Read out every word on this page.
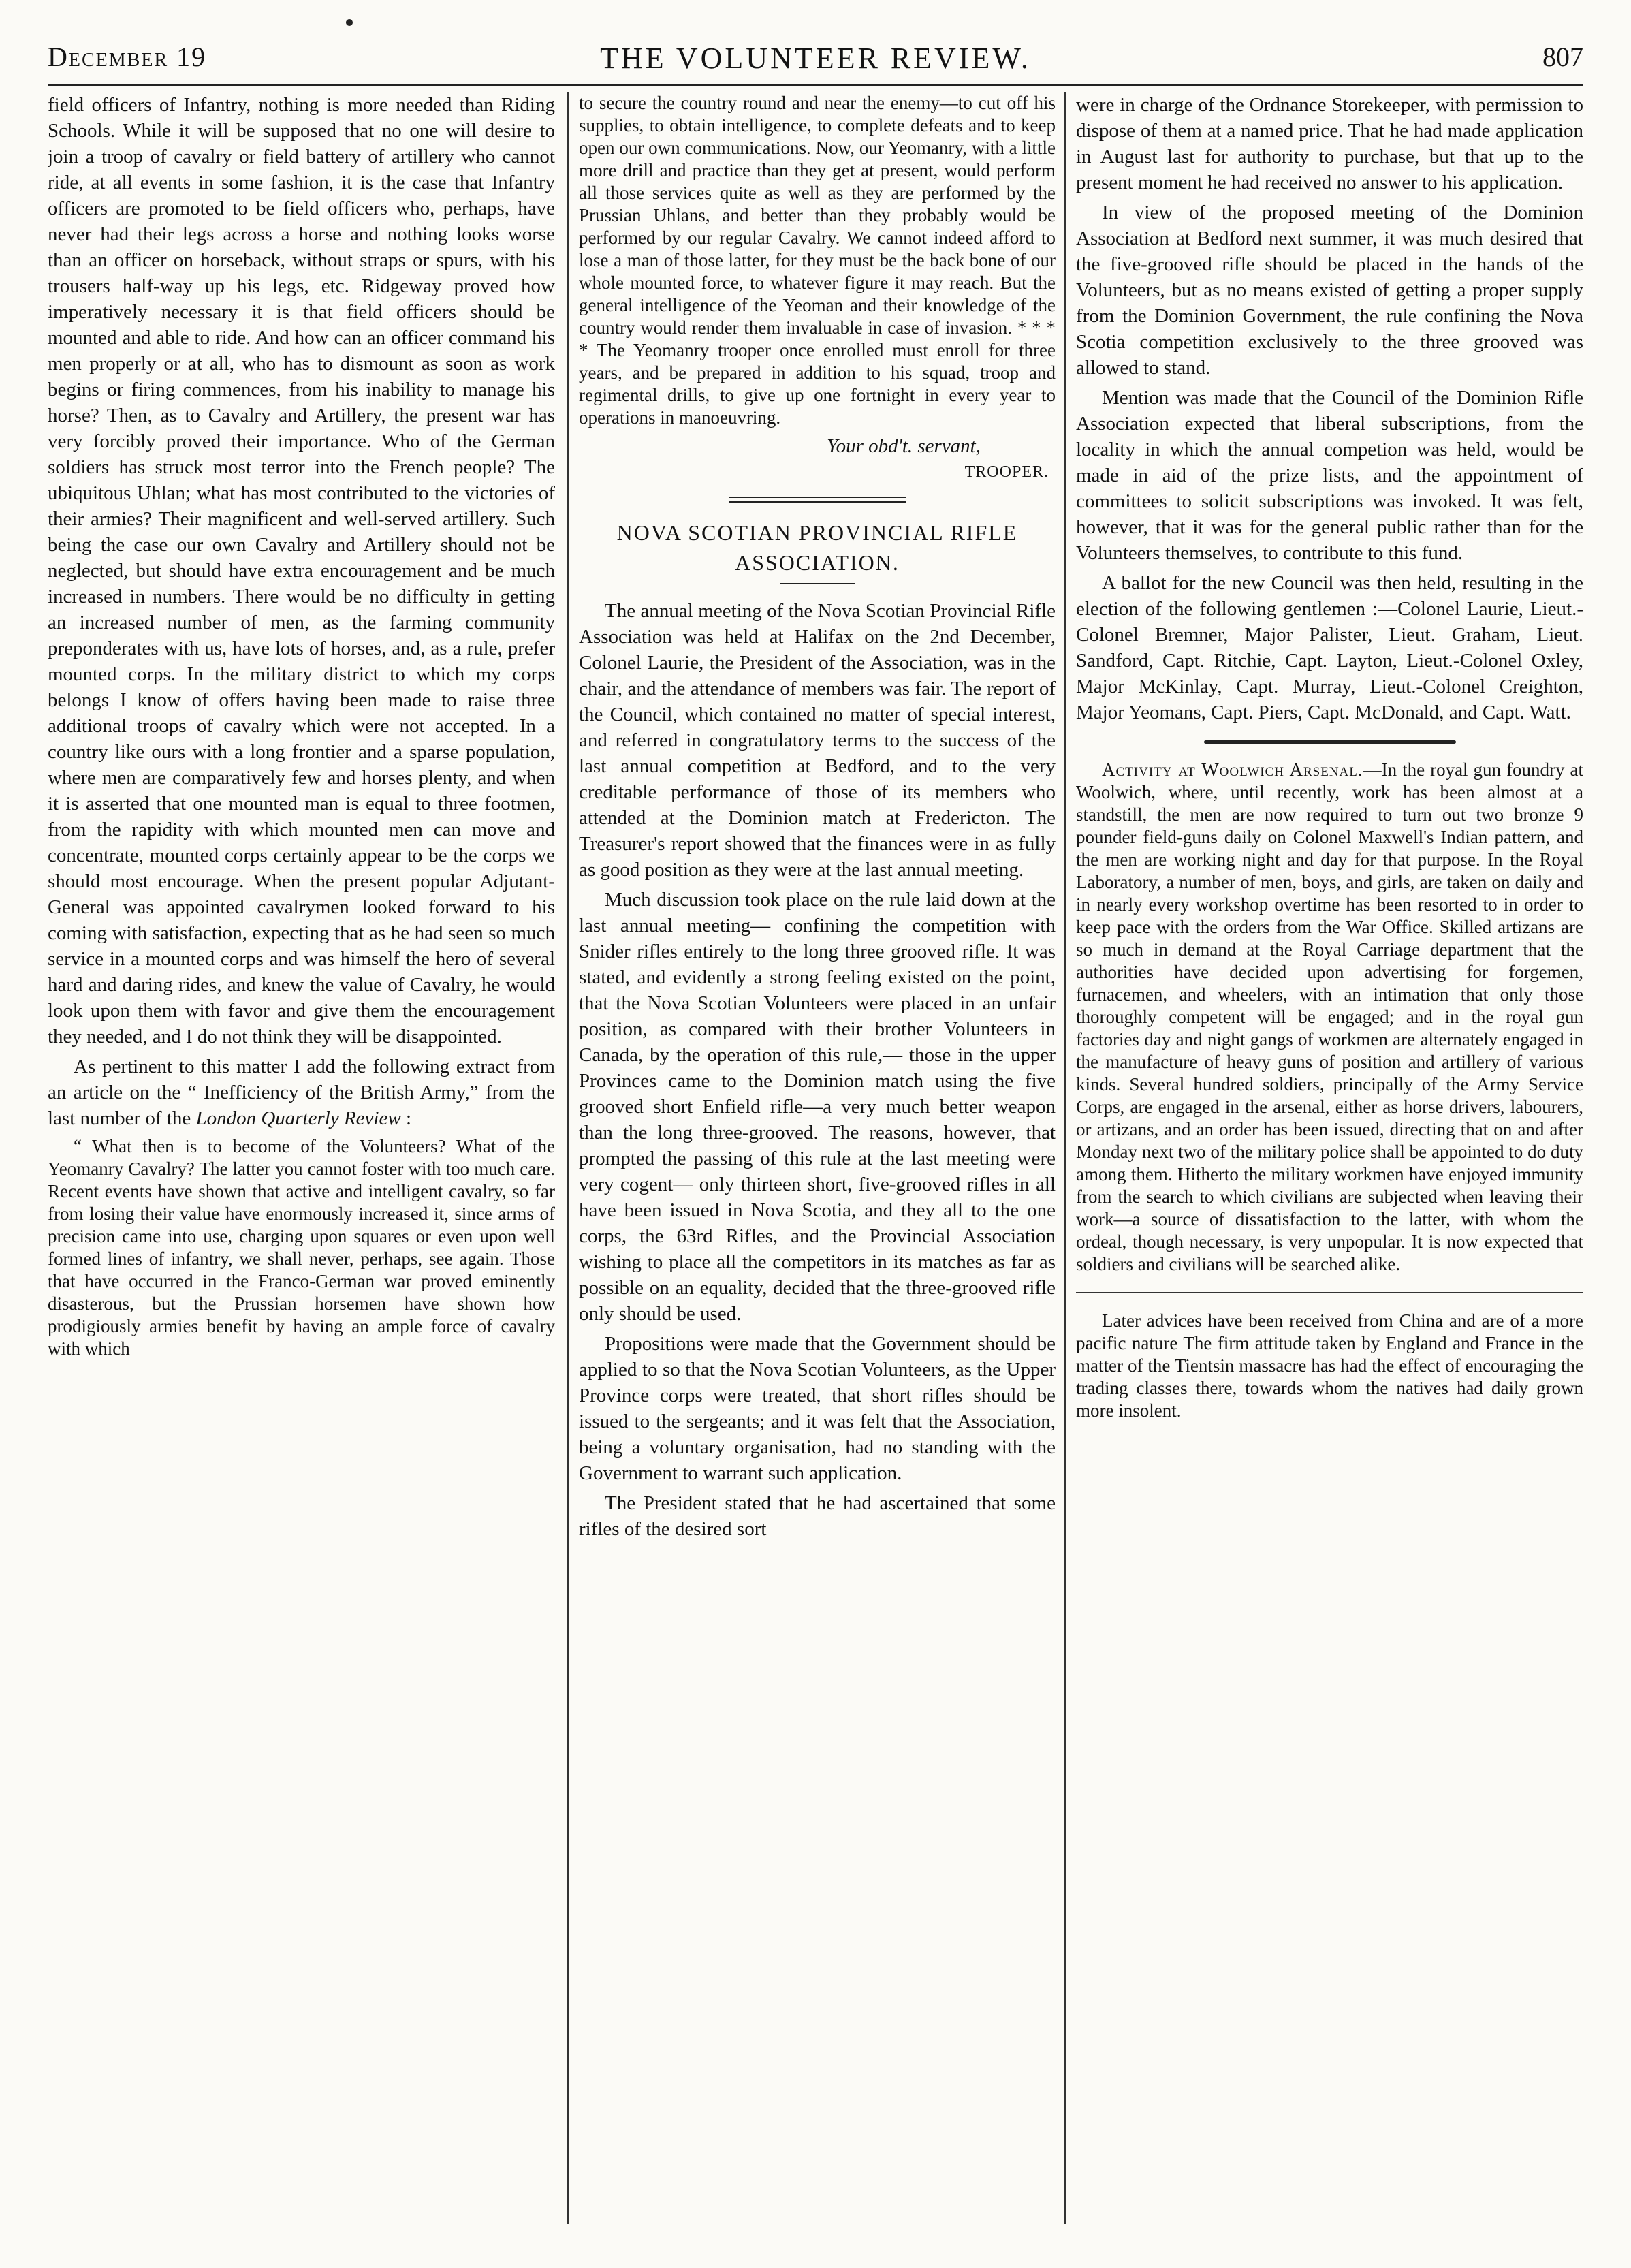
December 19	THE VOLUNTEER REVIEW.	807

field officers of Infantry, nothing is more needed than Riding Schools. While it will be supposed that no one will desire to join a troop of cavalry or field battery of artillery who cannot ride, at all events in some fashion, it is the case that Infantry officers are promoted to be field officers who, perhaps, have never had their legs across a horse and nothing looks worse than an officer on horseback, without straps or spurs, with his trousers half-way up his legs, etc. Ridgeway proved how imperatively necessary it is that field officers should be mounted and able to ride. And how can an officer command his men properly or at all, who has to dismount as soon as work begins or firing commences, from his inability to manage his horse? Then, as to Cavalry and Artillery, the present war has very forcibly proved their importance. Who of the German soldiers has struck most terror into the French people? The ubiquitous Uhlan; what has most contributed to the victories of their armies? Their magnificent and well-served artillery. Such being the case our own Cavalry and Artillery should not be neglected, but should have extra encouragement and be much increased in numbers. There would be no difficulty in getting an increased number of men, as the farming community preponderates with us, have lots of horses, and, as a rule, prefer mounted corps. In the military district to which my corps belongs I know of offers having been made to raise three additional troops of cavalry which were not accepted. In a country like ours with a long frontier and a sparse population, where men are comparatively few and horses plenty, and when it is asserted that one mounted man is equal to three footmen, from the rapidity with which mounted men can move and concentrate, mounted corps certainly appear to be the corps we should most encourage. When the present popular Adjutant-General was appointed cavalrymen looked forward to his coming with satisfaction, expecting that as he had seen so much service in a mounted corps and was himself the hero of several hard and daring rides, and knew the value of Cavalry, he would look upon them with favor and give them the encouragement they needed, and I do not think they will be disappointed.

As pertinent to this matter I add the following extract from an article on the “ Inefficiency of the British Army,” from the last number of the London Quarterly Review :

“ What then is to become of the Volunteers? What of the Yeomanry Cavalry? The latter you cannot foster with too much care. Recent events have shown that active and intelligent cavalry, so far from losing their value have enormously increased it, since arms of precision came into use, charging upon squares or even upon well formed lines of infantry, we shall never, perhaps, see again. Those that have occurred in the Franco-German war proved eminently disasterous, but the Prussian horsemen have shown how prodigiously armies benefit by having an ample force of cavalry with which

to secure the country round and near the enemy—to cut off his supplies, to obtain intelligence, to complete defeats and to keep open our own communications. Now, our Yeomanry, with a little more drill and practice than they get at present, would perform all those services quite as well as they are performed by the Prussian Uhlans, and better than they probably would be performed by our regular Cavalry. We cannot indeed afford to lose a man of those latter, for they must be the back bone of our whole mounted force, to whatever figure it may reach. But the general intelligence of the Yeoman and their knowledge of the country would render them invaluable in case of invasion. * * * * The Yeomanry trooper once enrolled must enroll for three years, and be prepared in addition to his squad, troop and regimental drills, to give up one fortnight in every year to operations in manoeuvring.

Your obd't. servant,

TROOPER.

NOVA SCOTIAN PROVINCIAL RIFLE ASSOCIATION.

The annual meeting of the Nova Scotian Provincial Rifle Association was held at Halifax on the 2nd December, Colonel Laurie, the President of the Association, was in the chair, and the attendance of members was fair. The report of the Council, which contained no matter of special interest, and referred in congratulatory terms to the success of the last annual competition at Bedford, and to the very creditable performance of those of its members who attended at the Dominion match at Fredericton. The Treasurer's report showed that the finances were in as fully as good position as they were at the last annual meeting.

Much discussion took place on the rule laid down at the last annual meeting— confining the competition with Snider rifles entirely to the long three grooved rifle. It was stated, and evidently a strong feeling existed on the point, that the Nova Scotian Volunteers were placed in an unfair position, as compared with their brother Volunteers in Canada, by the operation of this rule,— those in the upper Provinces came to the Dominion match using the five grooved short Enfield rifle—a very much better weapon than the long three-grooved. The reasons, however, that prompted the passing of this rule at the last meeting were very cogent— only thirteen short, five-grooved rifles in all have been issued in Nova Scotia, and they all to the one corps, the 63rd Rifles, and the Provincial Association wishing to place all the competitors in its matches as far as possible on an equality, decided that the three-grooved rifle only should be used.

Propositions were made that the Government should be applied to so that the Nova Scotian Volunteers, as the Upper Province corps were treated, that short rifles should be issued to the sergeants; and it was felt that the Association, being a voluntary organisation, had no standing with the Government to warrant such application.

The President stated that he had ascertained that some rifles of the desired sort

were in charge of the Ordnance Storekeeper, with permission to dispose of them at a named price. That he had made application in August last for authority to purchase, but that up to the present moment he had received no answer to his application.

In view of the proposed meeting of the Dominion Association at Bedford next summer, it was much desired that the five-grooved rifle should be placed in the hands of the Volunteers, but as no means existed of getting a proper supply from the Dominion Government, the rule confining the Nova Scotia competition exclusively to the three grooved was allowed to stand.

Mention was made that the Council of the Dominion Rifle Association expected that liberal subscriptions, from the locality in which the annual competion was held, would be made in aid of the prize lists, and the appointment of committees to solicit subscriptions was invoked. It was felt, however, that it was for the general public rather than for the Volunteers themselves, to contribute to this fund.

A ballot for the new Council was then held, resulting in the election of the following gentlemen :—Colonel Laurie, Lieut.-Colonel Bremner, Major Palister, Lieut. Graham, Lieut. Sandford, Capt. Ritchie, Capt. Layton, Lieut.-Colonel Oxley, Major McKinlay, Capt. Murray, Lieut.-Colonel Creighton, Major Yeomans, Capt. Piers, Capt. McDonald, and Capt. Watt.

Activity at Woolwich Arsenal.—In the royal gun foundry at Woolwich, where, until recently, work has been almost at a standstill, the men are now required to turn out two bronze 9 pounder field-guns daily on Colonel Maxwell's Indian pattern, and the men are working night and day for that purpose. In the Royal Laboratory, a number of men, boys, and girls, are taken on daily and in nearly every workshop overtime has been resorted to in order to keep pace with the orders from the War Office. Skilled artizans are so much in demand at the Royal Carriage department that the authorities have decided upon advertising for forgemen, furnacemen, and wheelers, with an intimation that only those thoroughly competent will be engaged; and in the royal gun factories day and night gangs of workmen are alternately engaged in the manufacture of heavy guns of position and artillery of various kinds. Several hundred soldiers, principally of the Army Service Corps, are engaged in the arsenal, either as horse drivers, labourers, or artizans, and an order has been issued, directing that on and after Monday next two of the military police shall be appointed to do duty among them. Hitherto the military workmen have enjoyed immunity from the search to which civilians are subjected when leaving their work—a source of dissatisfaction to the latter, with whom the ordeal, though necessary, is very unpopular. It is now expected that soldiers and civilians will be searched alike.

Later advices have been received from China and are of a more pacific nature The firm attitude taken by England and France in the matter of the Tientsin massacre has had the effect of encouraging the trading classes there, towards whom the natives had daily grown more insolent.
